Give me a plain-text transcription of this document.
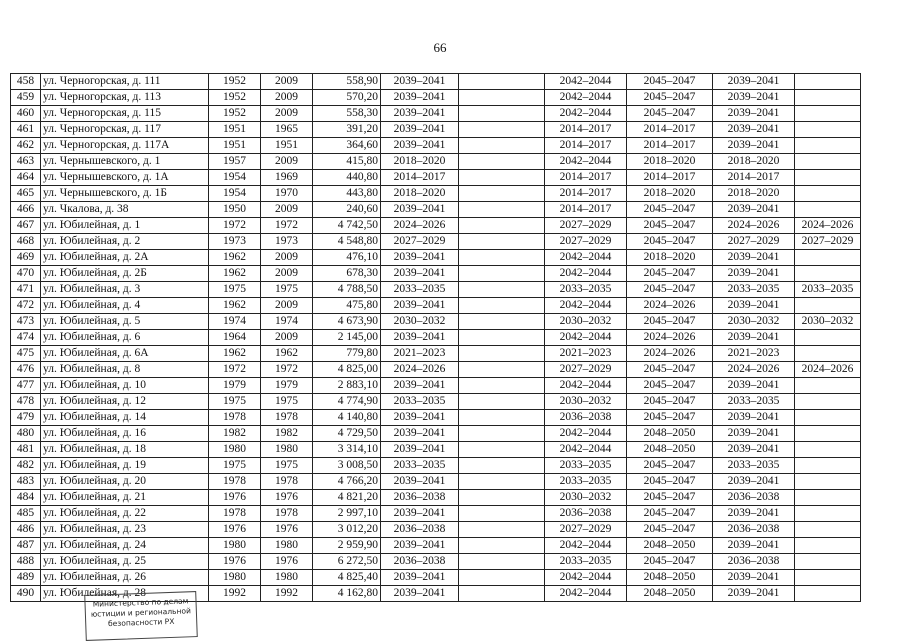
66
458	ул. Черногорская, д. 111	1952	2009	558,90	2039–2041		2042–2044	2045–2047	2039–2041	
459	ул. Черногорская, д. 113	1952	2009	570,20	2039–2041		2042–2044	2045–2047	2039–2041	
460	ул. Черногорская, д. 115	1952	2009	558,30	2039–2041		2042–2044	2045–2047	2039–2041	
461	ул. Черногорская, д. 117	1951	1965	391,20	2039–2041		2014–2017	2014–2017	2039–2041	
462	ул. Черногорская, д. 117А	1951	1951	364,60	2039–2041		2014–2017	2014–2017	2039–2041	
463	ул. Чернышевского, д. 1	1957	2009	415,80	2018–2020		2042–2044	2018–2020	2018–2020	
464	ул. Чернышевского, д. 1А	1954	1969	440,80	2014–2017		2014–2017	2014–2017	2014–2017	
465	ул. Чернышевского, д. 1Б	1954	1970	443,80	2018–2020		2014–2017	2018–2020	2018–2020	
466	ул. Чкалова, д. 38	1950	2009	240,60	2039–2041		2014–2017	2045–2047	2039–2041	
467	ул. Юбилейная, д. 1	1972	1972	4 742,50	2024–2026		2027–2029	2045–2047	2024–2026	2024–2026
468	ул. Юбилейная, д. 2	1973	1973	4 548,80	2027–2029		2027–2029	2045–2047	2027–2029	2027–2029
469	ул. Юбилейная, д. 2А	1962	2009	476,10	2039–2041		2042–2044	2018–2020	2039–2041	
470	ул. Юбилейная, д. 2Б	1962	2009	678,30	2039–2041		2042–2044	2045–2047	2039–2041	
471	ул. Юбилейная, д. 3	1975	1975	4 788,50	2033–2035		2033–2035	2045–2047	2033–2035	2033–2035
472	ул. Юбилейная, д. 4	1962	2009	475,80	2039–2041		2042–2044	2024–2026	2039–2041	
473	ул. Юбилейная, д. 5	1974	1974	4 673,90	2030–2032		2030–2032	2045–2047	2030–2032	2030–2032
474	ул. Юбилейная, д. 6	1964	2009	2 145,00	2039–2041		2042–2044	2024–2026	2039–2041	
475	ул. Юбилейная, д. 6А	1962	1962	779,80	2021–2023		2021–2023	2024–2026	2021–2023	
476	ул. Юбилейная, д. 8	1972	1972	4 825,00	2024–2026		2027–2029	2045–2047	2024–2026	2024–2026
477	ул. Юбилейная, д. 10	1979	1979	2 883,10	2039–2041		2042–2044	2045–2047	2039–2041	
478	ул. Юбилейная, д. 12	1975	1975	4 774,90	2033–2035		2030–2032	2045–2047	2033–2035	
479	ул. Юбилейная, д. 14	1978	1978	4 140,80	2039–2041		2036–2038	2045–2047	2039–2041	
480	ул. Юбилейная, д. 16	1982	1982	4 729,50	2039–2041		2042–2044	2048–2050	2039–2041	
481	ул. Юбилейная, д. 18	1980	1980	3 314,10	2039–2041		2042–2044	2048–2050	2039–2041	
482	ул. Юбилейная, д. 19	1975	1975	3 008,50	2033–2035		2033–2035	2045–2047	2033–2035	
483	ул. Юбилейная, д. 20	1978	1978	4 766,20	2039–2041		2033–2035	2045–2047	2039–2041	
484	ул. Юбилейная, д. 21	1976	1976	4 821,20	2036–2038		2030–2032	2045–2047	2036–2038	
485	ул. Юбилейная, д. 22	1978	1978	2 997,10	2039–2041		2036–2038	2045–2047	2039–2041	
486	ул. Юбилейная, д. 23	1976	1976	3 012,20	2036–2038		2027–2029	2045–2047	2036–2038	
487	ул. Юбилейная, д. 24	1980	1980	2 959,90	2039–2041		2042–2044	2048–2050	2039–2041	
488	ул. Юбилейная, д. 25	1976	1976	6 272,50	2036–2038		2033–2035	2045–2047	2036–2038	
489	ул. Юбилейная, д. 26	1980	1980	4 825,40	2039–2041		2042–2044	2048–2050	2039–2041	
490	ул. Юбилейная, д. 28	1992	1992	4 162,80	2039–2041		2042–2044	2048–2050	2039–2041	
Министерство по делам
юстиции и региональной
безопасности РХ
